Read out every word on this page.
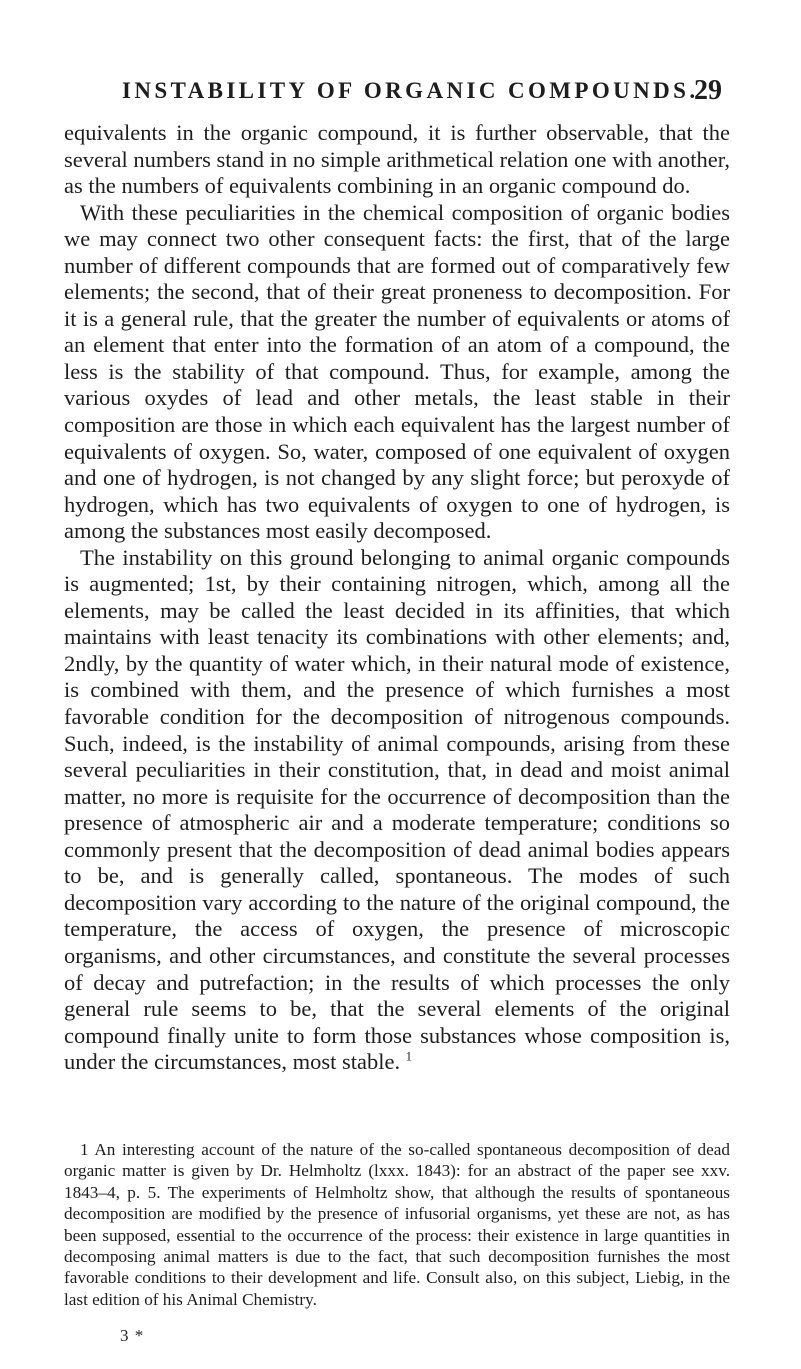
INSTABILITY OF ORGANIC COMPOUNDS.
29

equivalents in the organic compound, it is further observable, that the several numbers stand in no simple arithmetical relation one with another, as the numbers of equivalents combining in an organic compound do.

With these peculiarities in the chemical composition of organic bodies we may connect two other consequent facts: the first, that of the large number of different compounds that are formed out of comparatively few elements; the second, that of their great proneness to decomposition. For it is a general rule, that the greater the number of equivalents or atoms of an element that enter into the formation of an atom of a compound, the less is the stability of that compound. Thus, for example, among the various oxydes of lead and other metals, the least stable in their composition are those in which each equivalent has the largest number of equivalents of oxygen. So, water, composed of one equivalent of oxygen and one of hydrogen, is not changed by any slight force; but peroxyde of hydrogen, which has two equivalents of oxygen to one of hydrogen, is among the substances most easily decomposed.

The instability on this ground belonging to animal organic compounds is augmented; 1st, by their containing nitrogen, which, among all the elements, may be called the least decided in its affinities, that which maintains with least tenacity its combinations with other elements; and, 2ndly, by the quantity of water which, in their natural mode of existence, is combined with them, and the presence of which furnishes a most favorable condition for the decomposition of nitrogenous compounds. Such, indeed, is the instability of animal compounds, arising from these several peculiarities in their constitution, that, in dead and moist animal matter, no more is requisite for the occurrence of decomposition than the presence of atmospheric air and a moderate temperature; conditions so commonly present that the decomposition of dead animal bodies appears to be, and is generally called, spontaneous. The modes of such decomposition vary according to the nature of the original compound, the temperature, the access of oxygen, the presence of microscopic organisms, and other circumstances, and constitute the several processes of decay and putrefaction; in the results of which processes the only general rule seems to be, that the several elements of the original compound finally unite to form those substances whose composition is, under the circumstances, most stable. $^1$

1 An interesting account of the nature of the so-called spontaneous decomposition of dead organic matter is given by Dr. Helmholtz (lxxx. 1843): for an abstract of the paper see xxv. 1843–4, p. 5. The experiments of Helmholtz show, that although the results of spontaneous decomposition are modified by the presence of infusorial organisms, yet these are not, as has been supposed, essential to the occurrence of the process: their existence in large quantities in decomposing animal matters is due to the fact, that such decomposition furnishes the most favorable conditions to their development and life. Consult also, on this subject, Liebig, in the last edition of his Animal Chemistry.

3 *
